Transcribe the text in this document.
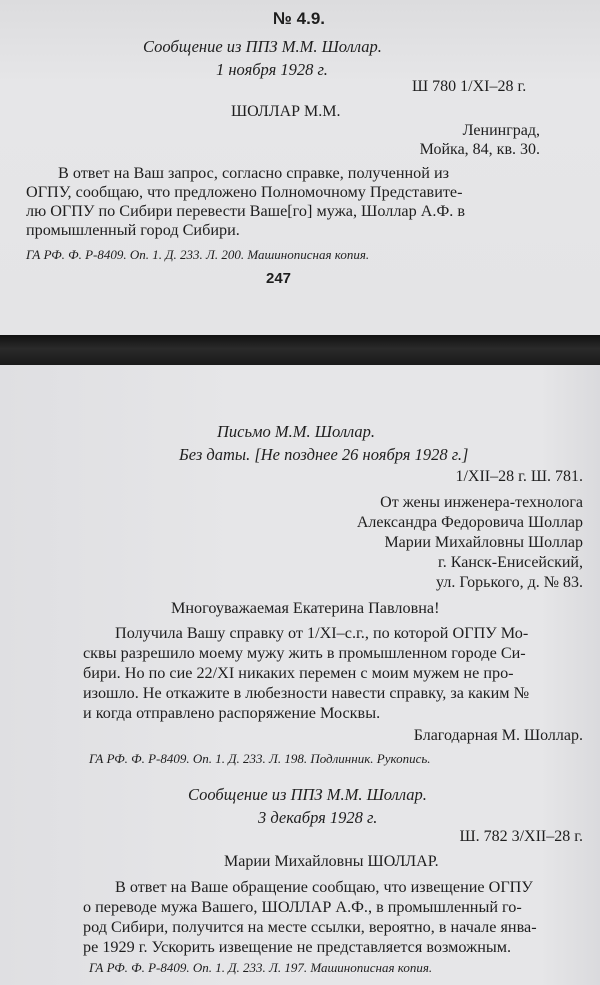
№ 4.9.
Сообщение из ППЗ М.М. Шоллар.
1 ноября 1928 г.
Ш 780 1/XI–28 г.
ШОЛЛАР М.М.
Ленинград,
Мойка, 84, кв. 30.
В ответ на Ваш запрос, согласно справке, полученной из
ОГПУ, сообщаю, что предложено Полномочному Представите-
лю ОГПУ по Сибири перевести Ваше[го] мужа, Шоллар А.Ф. в
промышленный город Сибири.
ГА РФ. Ф. Р-8409. Оп. 1. Д. 233. Л. 200. Машинописная копия.
247
Письмо М.М. Шоллар.
Без даты. [Не позднее 26 ноября 1928 г.]
1/XII–28 г. Ш. 781.
От жены инженера-технолога
Александра Федоровича Шоллар
Марии Михайловны Шоллар
г. Канск-Енисейский,
ул. Горького, д. № 83.
Многоуважаемая Екатерина Павловна!
Получила Вашу справку от 1/XI–с.г., по которой ОГПУ Мо-
сквы разрешило моему мужу жить в промышленном городе Си-
бири. Но по сие 22/XI никаких перемен с моим мужем не про-
изошло. Не откажите в любезности навести справку, за каким №
и когда отправлено распоряжение Москвы.
Благодарная М. Шоллар.
ГА РФ. Ф. Р-8409. Оп. 1. Д. 233. Л. 198. Подлинник. Рукопись.
Сообщение из ППЗ М.М. Шоллар.
3 декабря 1928 г.
Ш. 782 3/XII–28 г.
Марии Михайловны ШОЛЛАР.
В ответ на Ваше обращение сообщаю, что извещение ОГПУ
о переводе мужа Вашего, ШОЛЛАР А.Ф., в промышленный го-
род Сибири, получится на месте ссылки, вероятно, в начале янва-
ре 1929 г. Ускорить извещение не представляется возможным.
ГА РФ. Ф. Р-8409. Оп. 1. Д. 233. Л. 197. Машинописная копия.
